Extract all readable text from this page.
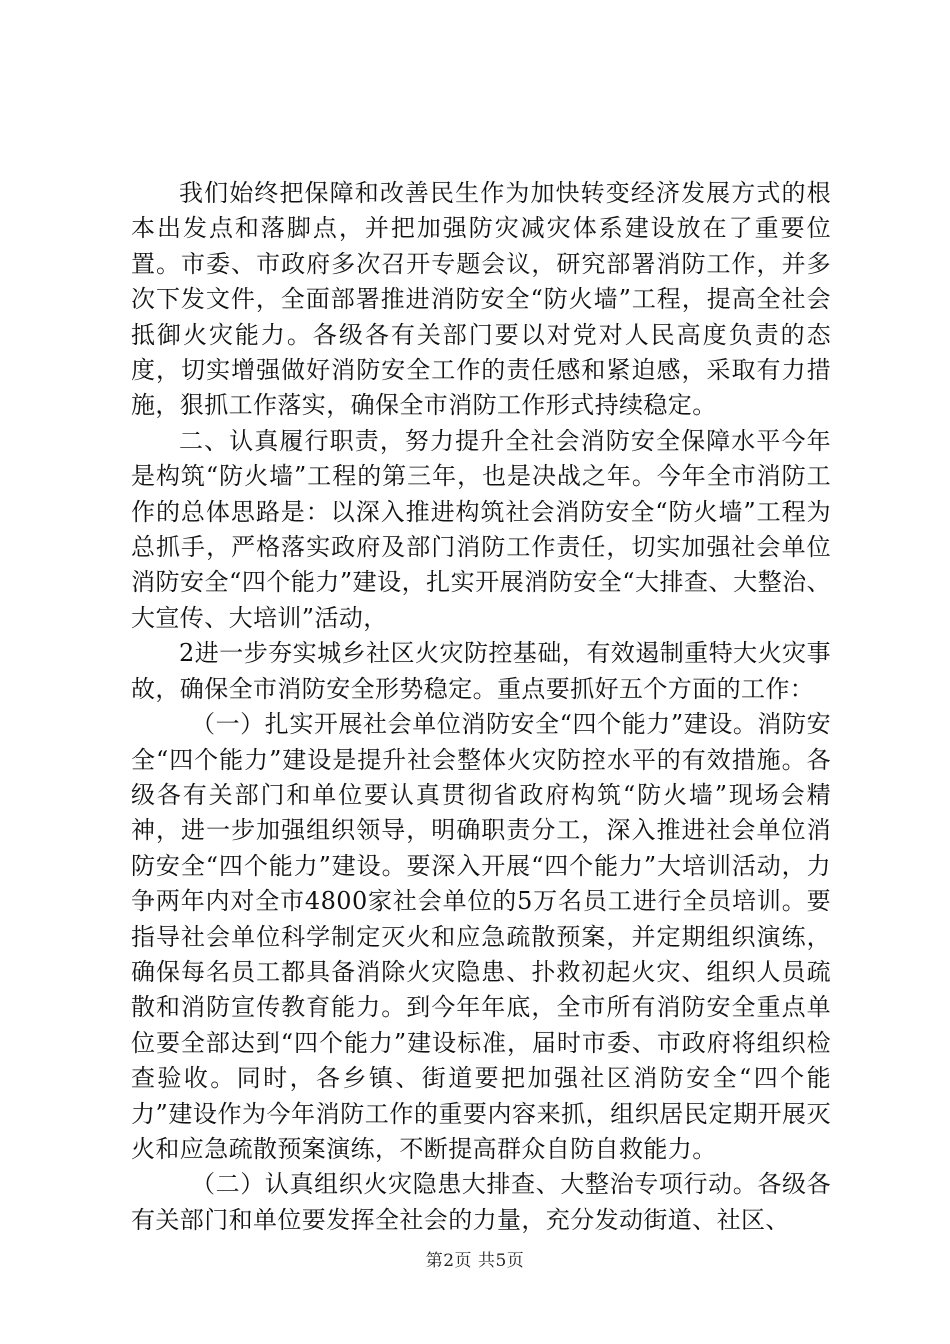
我们始终把保障和改善民生作为加快转变经济发展方式的根本出发点和落脚点，并把加强防灾减灾体系建设放在了重要位置。市委、市政府多次召开专题会议，研究部署消防工作，并多次下发文件，全面部署推进消防安全“防火墙”工程，提高全社会抵御火灾能力。各级各有关部门要以对党对人民高度负责的态度，切实增强做好消防安全工作的责任感和紧迫感，采取有力措施，狠抓工作落实，确保全市消防工作形式持续稳定。

二、认真履行职责，努力提升全社会消防安全保障水平今年是构筑“防火墙”工程的第三年，也是决战之年。今年全市消防工作的总体思路是：以深入推进构筑社会消防安全“防火墙”工程为总抓手，严格落实政府及部门消防工作责任，切实加强社会单位消防安全“四个能力”建设，扎实开展消防安全“大排查、大整治、大宣传、大培训”活动，

2进一步夯实城乡社区火灾防控基础，有效遏制重特大火灾事故，确保全市消防安全形势稳定。重点要抓好五个方面的工作：

（一）扎实开展社会单位消防安全“四个能力”建设。消防安全“四个能力”建设是提升社会整体火灾防控水平的有效措施。各级各有关部门和单位要认真贯彻省政府构筑“防火墙”现场会精神，进一步加强组织领导，明确职责分工，深入推进社会单位消防安全“四个能力”建设。要深入开展“四个能力”大培训活动，力争两年内对全市4800家社会单位的5万名员工进行全员培训。要指导社会单位科学制定灭火和应急疏散预案，并定期组织演练，确保每名员工都具备消除火灾隐患、扑救初起火灾、组织人员疏散和消防宣传教育能力。到今年年底，全市所有消防安全重点单位要全部达到“四个能力”建设标准，届时市委、市政府将组织检查验收。同时，各乡镇、街道要把加强社区消防安全“四个能力”建设作为今年消防工作的重要内容来抓，组织居民定期开展灭火和应急疏散预案演练，不断提高群众自防自救能力。

（二）认真组织火灾隐患大排查、大整治专项行动。各级各有关部门和单位要发挥全社会的力量，充分发动街道、社区、

第2页 共5页
